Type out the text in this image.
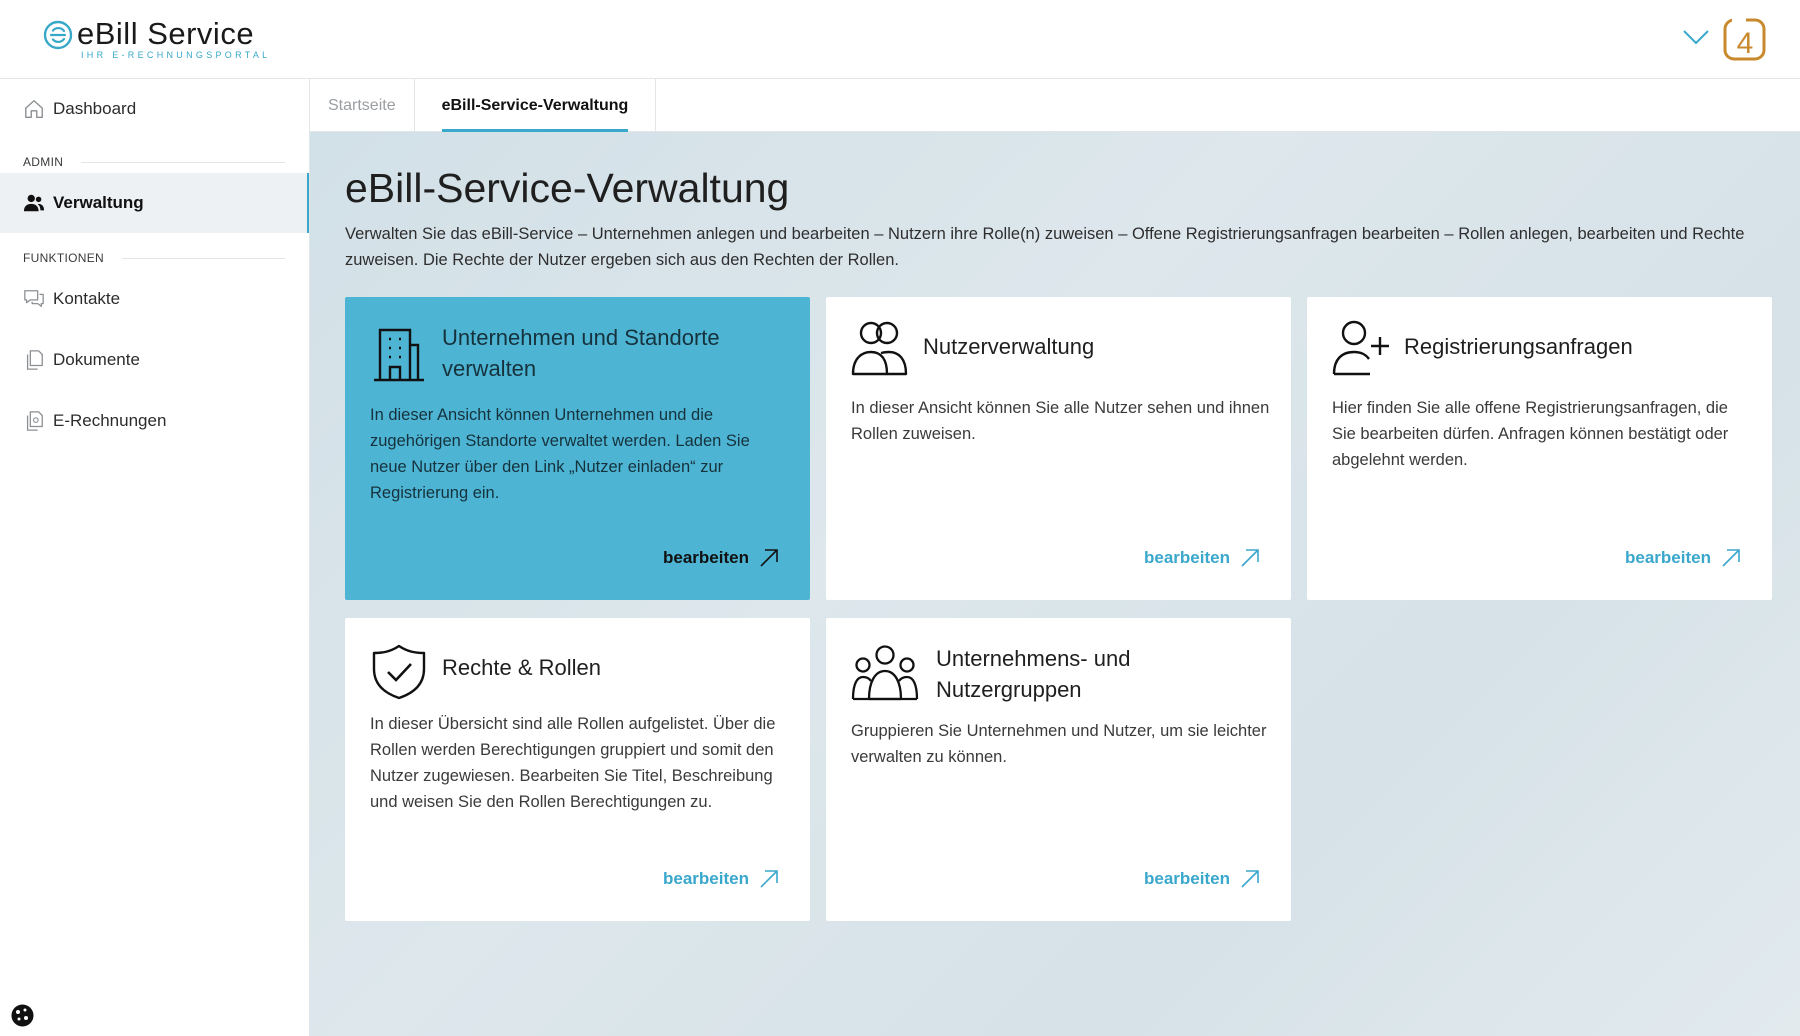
eBill Service
IHR E-RECHNUNGSPORTAL	4
Dashboard
ADMIN
Verwaltung
FUNKTIONEN
Kontakte
Dokumente
E-Rechnungen
Startseite	eBill-Service-Verwaltung
eBill-Service-Verwaltung

Verwalten Sie das eBill-Service – Unternehmen anlegen und bearbeiten – Nutzern ihre Rolle(n) zuweisen – Offene Registrierungsanfragen bearbeiten – Rollen anlegen, bearbeiten und Rechte zuweisen. Die Rechte der Nutzer ergeben sich aus den Rechten der Rollen.

Unternehmen und Standorte verwalten
In dieser Ansicht können Unternehmen und die zugehörigen Standorte verwaltet werden. Laden Sie neue Nutzer über den Link „Nutzer einladen“ zur Registrierung ein.
bearbeiten
Nutzerverwaltung
In dieser Ansicht können Sie alle Nutzer sehen und ihnen Rollen zuweisen.
bearbeiten
Registrierungsanfragen
Hier finden Sie alle offene Registrierungsanfragen, die Sie bearbeiten dürfen. Anfragen können bestätigt oder abgelehnt werden.
bearbeiten
Rechte & Rollen
In dieser Übersicht sind alle Rollen aufgelistet. Über die Rollen werden Berechtigungen gruppiert und somit den Nutzer zugewiesen. Bearbeiten Sie Titel, Beschreibung und weisen Sie den Rollen Berechtigungen zu.
bearbeiten
Unternehmens- und Nutzergruppen
Gruppieren Sie Unternehmen und Nutzer, um sie leichter verwalten zu können.
bearbeiten
